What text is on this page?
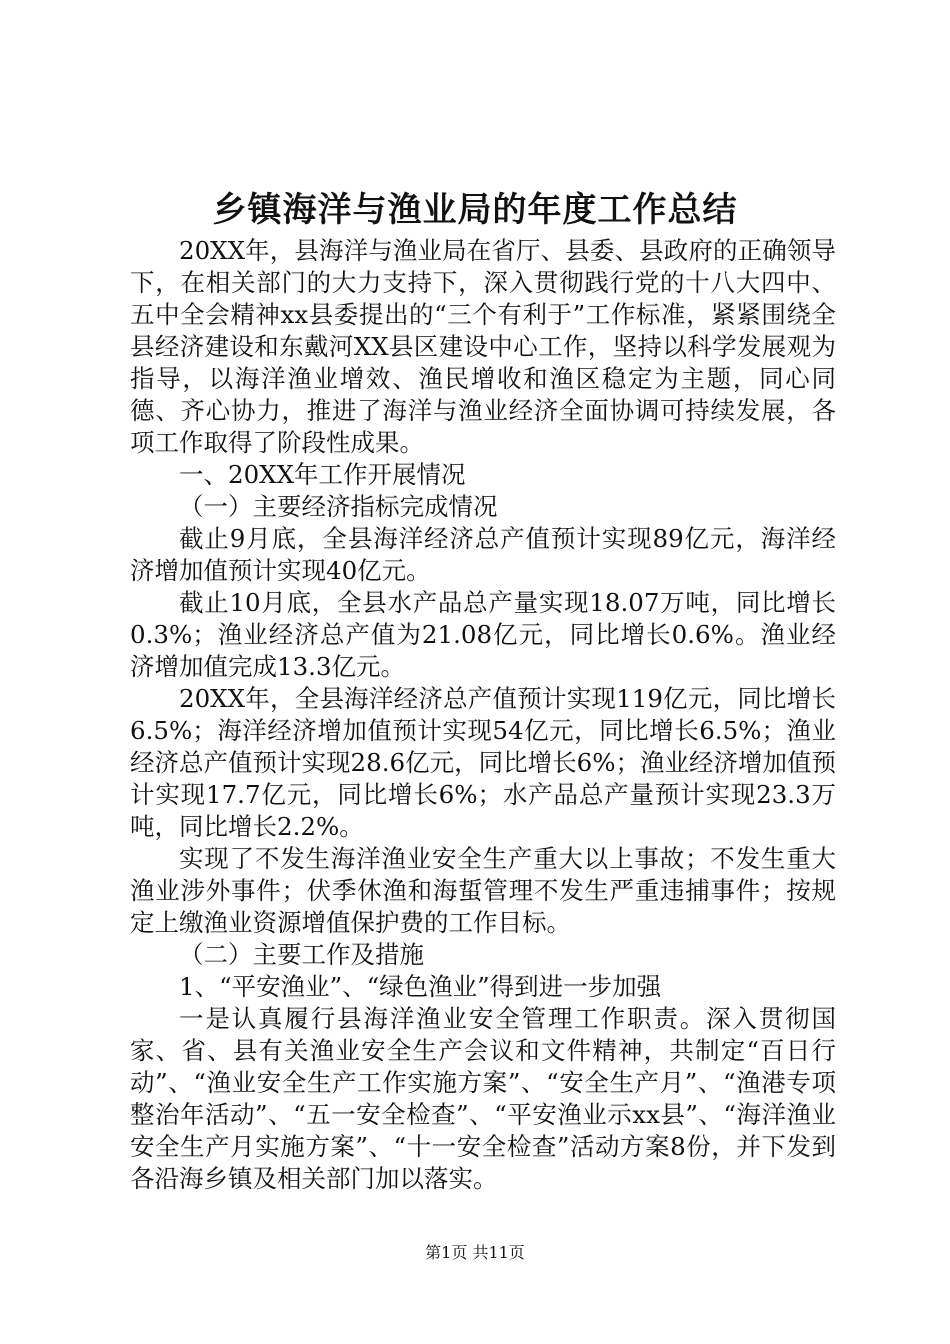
乡镇海洋与渔业局的年度工作总结

20XX年，县海洋与渔业局在省厅、县委、县政府的正确领导下，在相关部门的大力支持下，深入贯彻践行党的十八大四中、五中全会精神xx县委提出的“三个有利于”工作标准，紧紧围绕全县经济建设和东戴河XX县区建设中心工作，坚持以科学发展观为指导，以海洋渔业增效、渔民增收和渔区稳定为主题，同心同德、齐心协力，推进了海洋与渔业经济全面协调可持续发展，各项工作取得了阶段性成果。

一、20XX年工作开展情况

（一）主要经济指标完成情况

截止9月底，全县海洋经济总产值预计实现89亿元，海洋经济增加值预计实现40亿元。

截止10月底，全县水产品总产量实现18.07万吨，同比增长0.3%；渔业经济总产值为21.08亿元，同比增长0.6%。渔业经济增加值完成13.3亿元。

20XX年，全县海洋经济总产值预计实现119亿元，同比增长6.5%；海洋经济增加值预计实现54亿元，同比增长6.5%；渔业经济总产值预计实现28.6亿元，同比增长6%；渔业经济增加值预计实现17.7亿元，同比增长6%；水产品总产量预计实现23.3万吨，同比增长2.2%。

实现了不发生海洋渔业安全生产重大以上事故；不发生重大渔业涉外事件；伏季休渔和海蜇管理不发生严重违捕事件；按规定上缴渔业资源增值保护费的工作目标。

（二）主要工作及措施

1、“平安渔业”、“绿色渔业”得到进一步加强

一是认真履行县海洋渔业安全管理工作职责。深入贯彻国家、省、县有关渔业安全生产会议和文件精神，共制定“百日行动”、“渔业安全生产工作实施方案”、“安全生产月”、“渔港专项整治年活动”、“五一安全检查”、“平安渔业示xx县”、“海洋渔业安全生产月实施方案”、“十一安全检查”活动方案8份，并下发到各沿海乡镇及相关部门加以落实。

第1页 共11页
